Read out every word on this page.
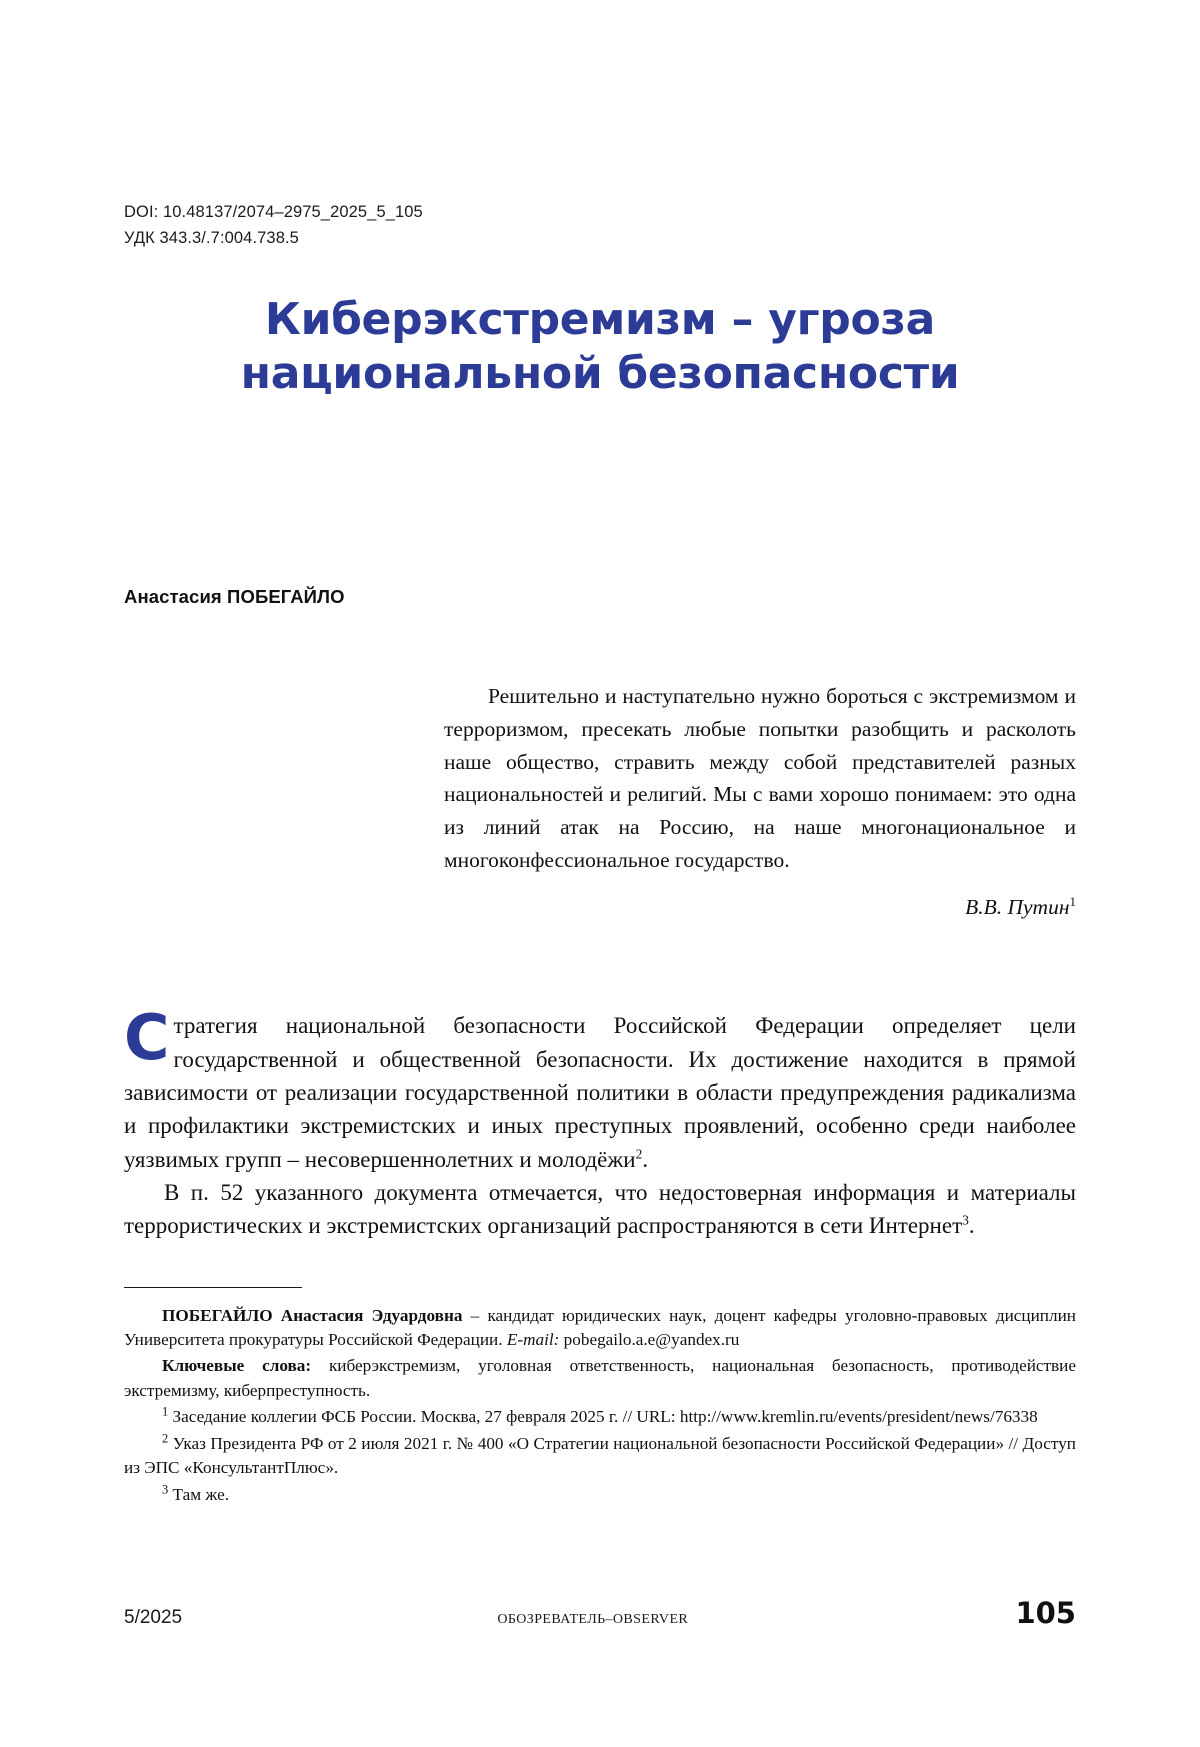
DOI: 10.48137/2074–2975_2025_5_105
УДК 343.3/.7:004.738.5
Киберэкстремизм – угроза
национальной безопасности
Анастасия ПОБЕГАЙЛО

Решительно и наступательно нужно бороться с экстремизмом и терроризмом, пресекать любые попытки разобщить и расколоть наше общество, стравить между собой представителей разных национальностей и религий. Мы с вами хорошо понимаем: это одна из линий атак на Россию, на наше многонациональное и многоконфессиональное государство.

В.В. Путин$^1$

Стратегия национальной безопасности Российской Федерации определяет цели государственной и общественной безопасности. Их достижение находится в прямой зависимости от реализации государственной политики в области предупреждения радикализма и профилактики экстремистских и иных преступных проявлений, особенно среди наиболее уязвимых групп – несовершеннолетних и молодёжи$^2$.

В п. 52 указанного документа отмечается, что недостоверная информация и материалы террористических и экстремистских организаций распространяются в сети Интернет$^3$.

ПОБЕГАЙЛО Анастасия Эдуардовна – кандидат юридических наук, доцент кафедры уголовно-правовых дисциплин Университета прокуратуры Российской Федерации. E-mail: pobegailo.a.e@yandex.ru

Ключевые слова: киберэкстремизм, уголовная ответственность, национальная безопасность, противодействие экстремизму, киберпреступность.

$^1$ Заседание коллегии ФСБ России. Москва, 27 февраля 2025 г. // URL: http://www.kremlin.ru/events/president/news/76338

$^2$ Указ Президента РФ от 2 июля 2021 г. № 400 «О Стратегии национальной безопасности Российской Федерации» // Доступ из ЭПС «КонсультантПлюс».

$^3$ Там же.

5/2025	ОБОЗРЕВАТЕЛЬ–OBSERVER	105
